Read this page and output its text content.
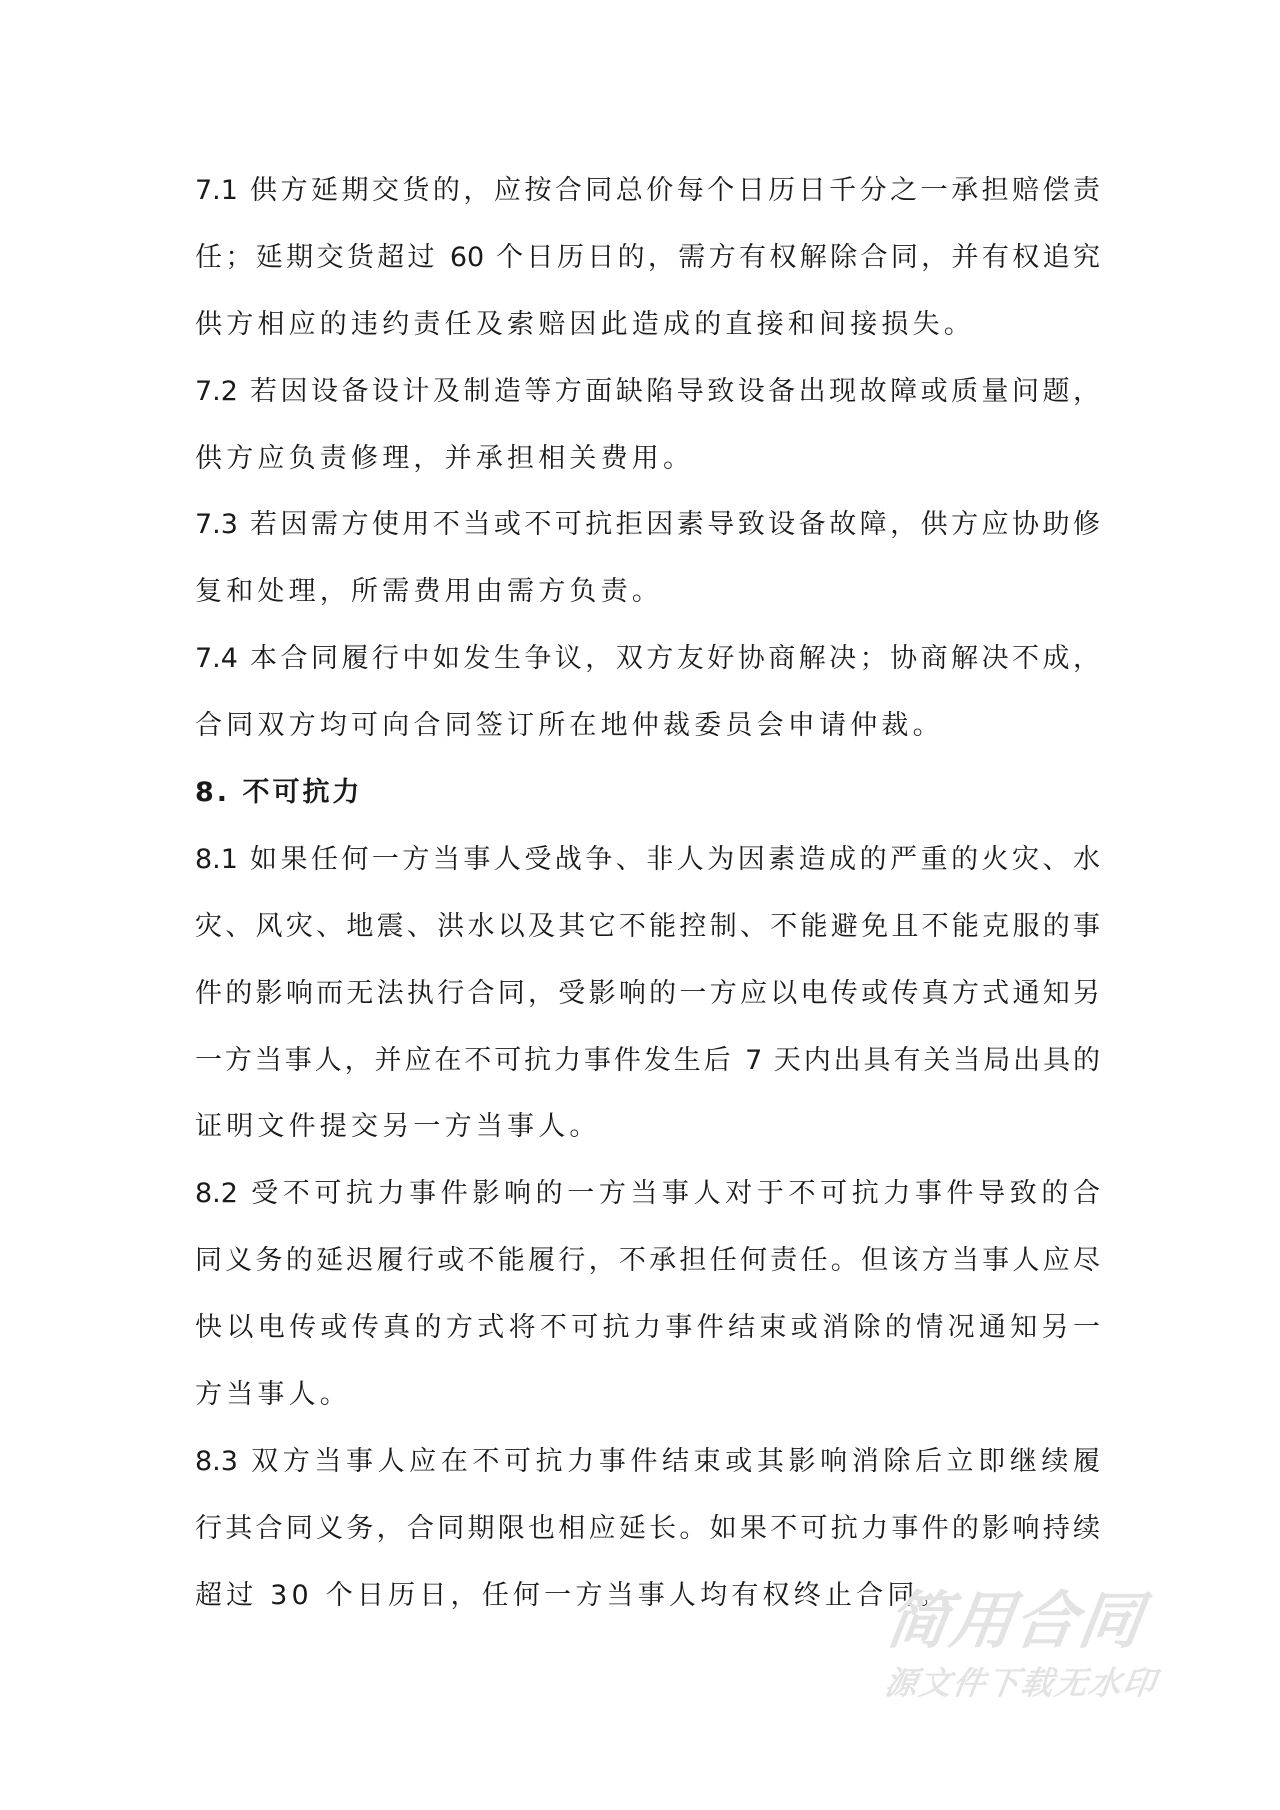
7.1 供方延期交货的，应按合同总价每个日历日千分之一承担赔偿责
任；延期交货超过 60 个日历日的，需方有权解除合同，并有权追究
供方相应的违约责任及索赔因此造成的直接和间接损失。
7.2 若因设备设计及制造等方面缺陷导致设备出现故障或质量问题，
供方应负责修理，并承担相关费用。
7.3 若因需方使用不当或不可抗拒因素导致设备故障，供方应协助修
复和处理，所需费用由需方负责。
7.4 本合同履行中如发生争议，双方友好协商解决；协商解决不成，
合同双方均可向合同签订所在地仲裁委员会申请仲裁。
8. 不可抗力
8.1 如果任何一方当事人受战争、非人为因素造成的严重的火灾、水
灾、风灾、地震、洪水以及其它不能控制、不能避免且不能克服的事
件的影响而无法执行合同，受影响的一方应以电传或传真方式通知另
一方当事人，并应在不可抗力事件发生后 7 天内出具有关当局出具的
证明文件提交另一方当事人。
8.2 受不可抗力事件影响的一方当事人对于不可抗力事件导致的合
同义务的延迟履行或不能履行，不承担任何责任。但该方当事人应尽
快以电传或传真的方式将不可抗力事件结束或消除的情况通知另一
方当事人。
8.3 双方当事人应在不可抗力事件结束或其影响消除后立即继续履
行其合同义务，合同期限也相应延长。如果不可抗力事件的影响持续
超过 30 个日历日，任何一方当事人均有权终止合同。
简用合同
源文件下载无水印
